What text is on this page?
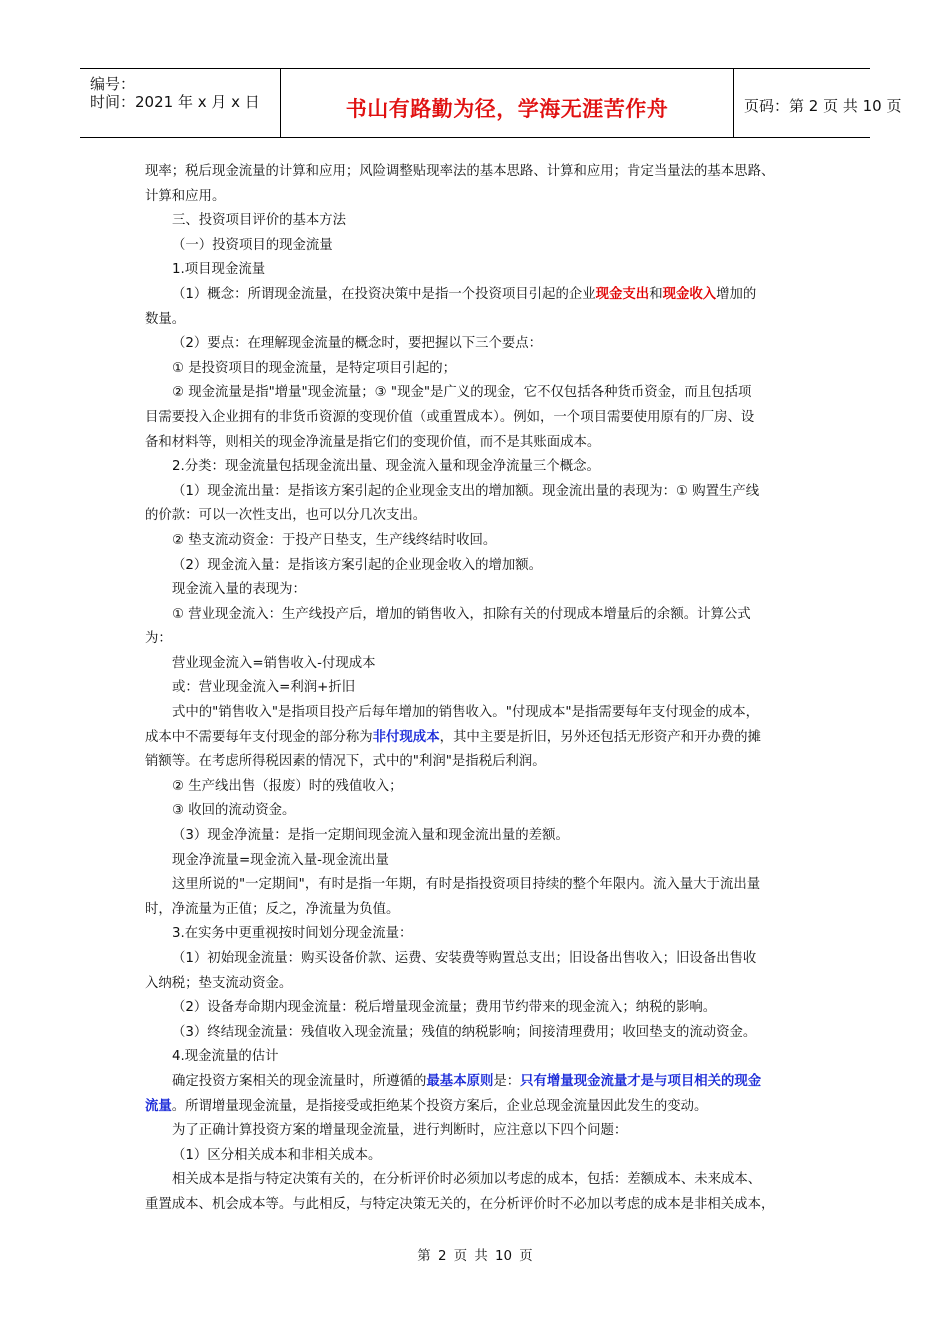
编号：
时间：2021 年 x 月 x 日	书山有路勤为径，学海无涯苦作舟	页码：第 2 页 共 10 页

现率；税后现金流量的计算和应用；风险调整贴现率法的基本思路、计算和应用；肯定当量法的基本思路、

计算和应用。

三、投资项目评价的基本方法

（一）投资项目的现金流量

1.项目现金流量

（1）概念：所谓现金流量，在投资决策中是指一个投资项目引起的企业现金支出和现金收入增加的

数量。

（2）要点：在理解现金流量的概念时，要把握以下三个要点：

① 是投资项目的现金流量，是特定项目引起的；

② 现金流量是指"增量"现金流量；③ "现金"是广义的现金，它不仅包括各种货币资金，而且包括项

目需要投入企业拥有的非货币资源的变现价值（或重置成本）。例如，一个项目需要使用原有的厂房、设

备和材料等，则相关的现金净流量是指它们的变现价值，而不是其账面成本。

2.分类：现金流量包括现金流出量、现金流入量和现金净流量三个概念。

（1）现金流出量：是指该方案引起的企业现金支出的增加额。现金流出量的表现为：① 购置生产线

的价款：可以一次性支出，也可以分几次支出。

② 垫支流动资金：于投产日垫支，生产线终结时收回。

（2）现金流入量：是指该方案引起的企业现金收入的增加额。

现金流入量的表现为：

① 营业现金流入：生产线投产后，增加的销售收入，扣除有关的付现成本增量后的余额。计算公式

为：

营业现金流入=销售收入-付现成本

或：营业现金流入=利润+折旧

式中的"销售收入"是指项目投产后每年增加的销售收入。"付现成本"是指需要每年支付现金的成本，

成本中不需要每年支付现金的部分称为非付现成本，其中主要是折旧，另外还包括无形资产和开办费的摊

销额等。在考虑所得税因素的情况下，式中的"利润"是指税后利润。

② 生产线出售（报废）时的残值收入；

③ 收回的流动资金。

（3）现金净流量：是指一定期间现金流入量和现金流出量的差额。

现金净流量=现金流入量-现金流出量

这里所说的"一定期间"，有时是指一年期，有时是指投资项目持续的整个年限内。流入量大于流出量

时，净流量为正值；反之，净流量为负值。

3.在实务中更重视按时间划分现金流量：

（1）初始现金流量：购买设备价款、运费、安装费等购置总支出；旧设备出售收入；旧设备出售收

入纳税；垫支流动资金。

（2）设备寿命期内现金流量：税后增量现金流量；费用节约带来的现金流入；纳税的影响。

（3）终结现金流量：残值收入现金流量；残值的纳税影响；间接清理费用；收回垫支的流动资金。

4.现金流量的估计

确定投资方案相关的现金流量时，所遵循的最基本原则是：只有增量现金流量才是与项目相关的现金

流量。所谓增量现金流量，是指接受或拒绝某个投资方案后，企业总现金流量因此发生的变动。

为了正确计算投资方案的增量现金流量，进行判断时，应注意以下四个问题：

（1）区分相关成本和非相关成本。

相关成本是指与特定决策有关的，在分析评价时必须加以考虑的成本，包括：差额成本、未来成本、

重置成本、机会成本等。与此相反，与特定决策无关的，在分析评价时不必加以考虑的成本是非相关成本，

第 2 页 共 10 页
